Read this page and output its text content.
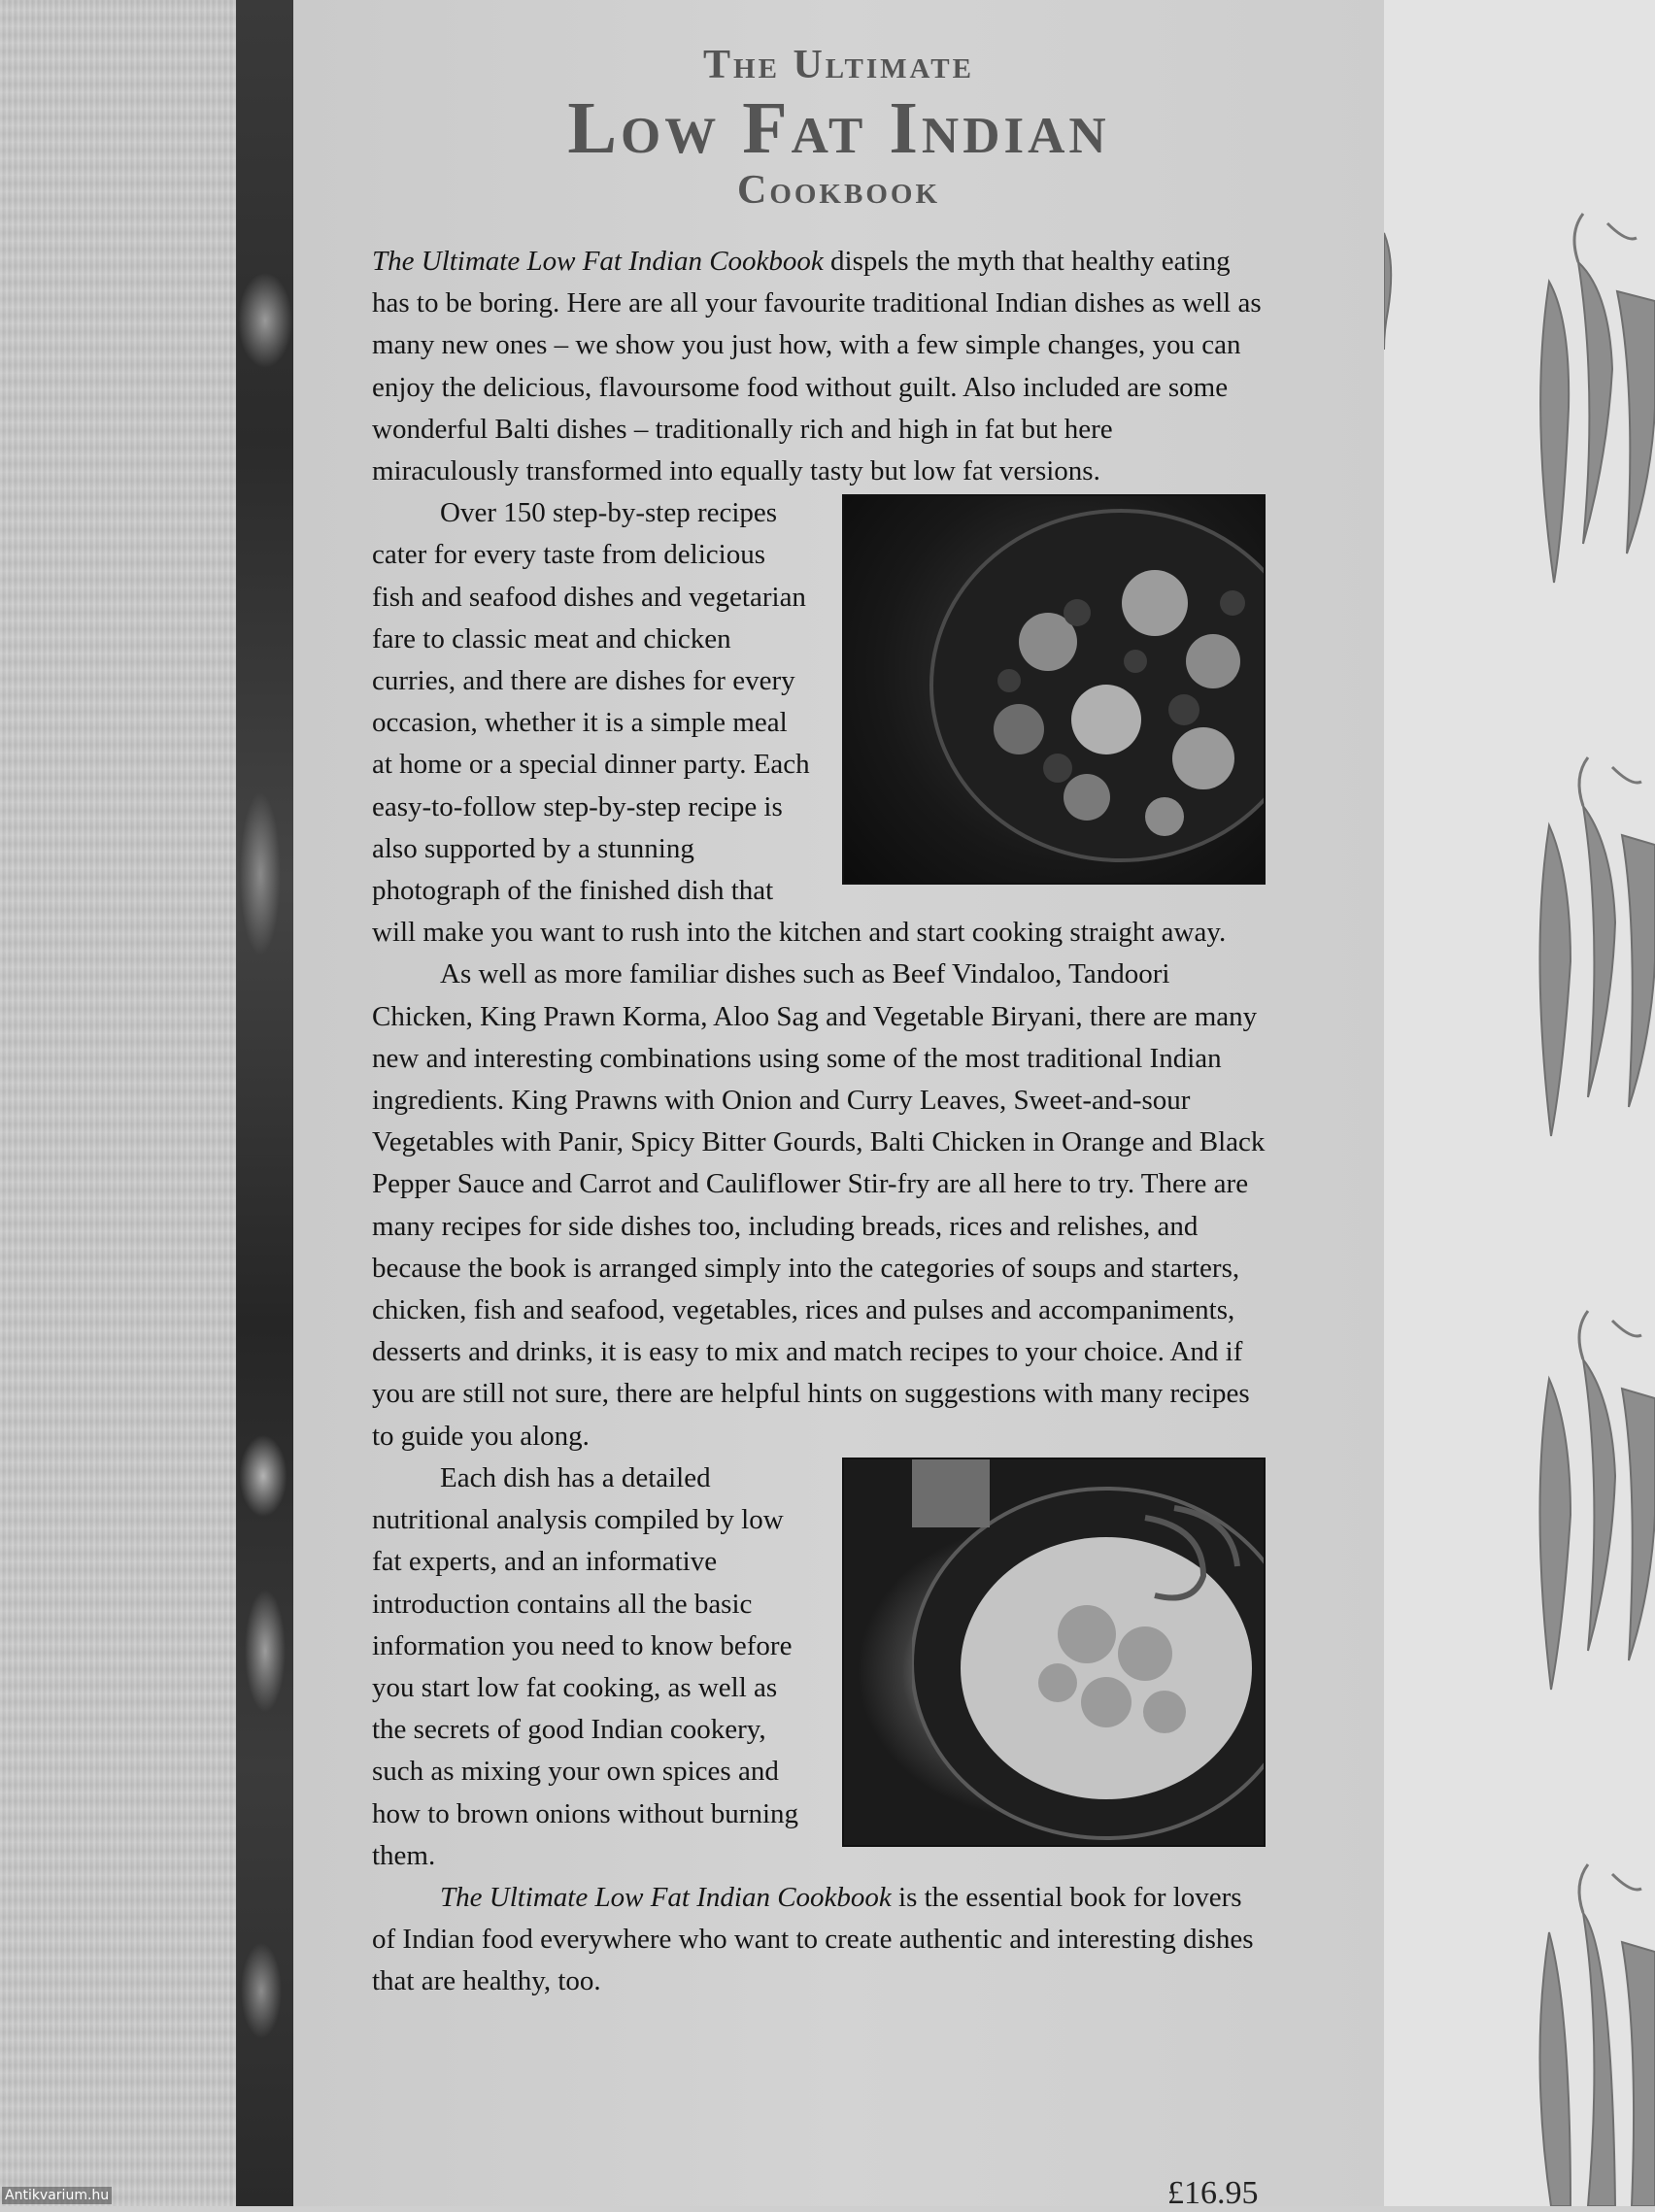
The Ultimate
Low Fat Indian
Cookbook

The Ultimate Low Fat Indian Cookbook dispels the myth that healthy eating has to be boring. Here are all your favourite traditional Indian dishes as well as many new ones – we show you just how, with a few simple changes, you can enjoy the delicious, flavoursome food without guilt. Also included are some wonderful Balti dishes – traditionally rich and high in fat but here miraculously transformed into equally tasty but low fat versions.

Over 150 step-by-step recipes cater for every taste from delicious fish and seafood dishes and vegetarian fare to classic meat and chicken curries, and there are dishes for every occasion, whether it is a simple meal at home or a special dinner party. Each easy-to-follow step-by-step recipe is also supported by a stunning photograph of the finished dish that will make you want to rush into the kitchen and start cooking straight away.

As well as more familiar dishes such as Beef Vindaloo, Tandoori Chicken, King Prawn Korma, Aloo Sag and Vegetable Biryani, there are many new and interesting combinations using some of the most traditional Indian ingredients. King Prawns with Onion and Curry Leaves, Sweet-and-sour Vegetables with Panir, Spicy Bitter Gourds, Balti Chicken in Orange and Black Pepper Sauce and Carrot and Cauliflower Stir-fry are all here to try. There are many recipes for side dishes too, including breads, rices and relishes, and because the book is arranged simply into the categories of soups and starters, chicken, fish and seafood, vegetables, rices and pulses and accompaniments, desserts and drinks, it is easy to mix and match recipes to your choice. And if you are still not sure, there are helpful hints on suggestions with many recipes to guide you along.

Each dish has a detailed nutritional analysis compiled by low fat experts, and an informative introduction contains all the basic information you need to know before you start low fat cooking, as well as the secrets of good Indian cookery, such as mixing your own spices and how to brown onions without burning them.

The Ultimate Low Fat Indian Cookbook is the essential book for lovers of Indian food everywhere who want to create authentic and interesting dishes that are healthy, too.

£16.95
Antikvarium.hu
